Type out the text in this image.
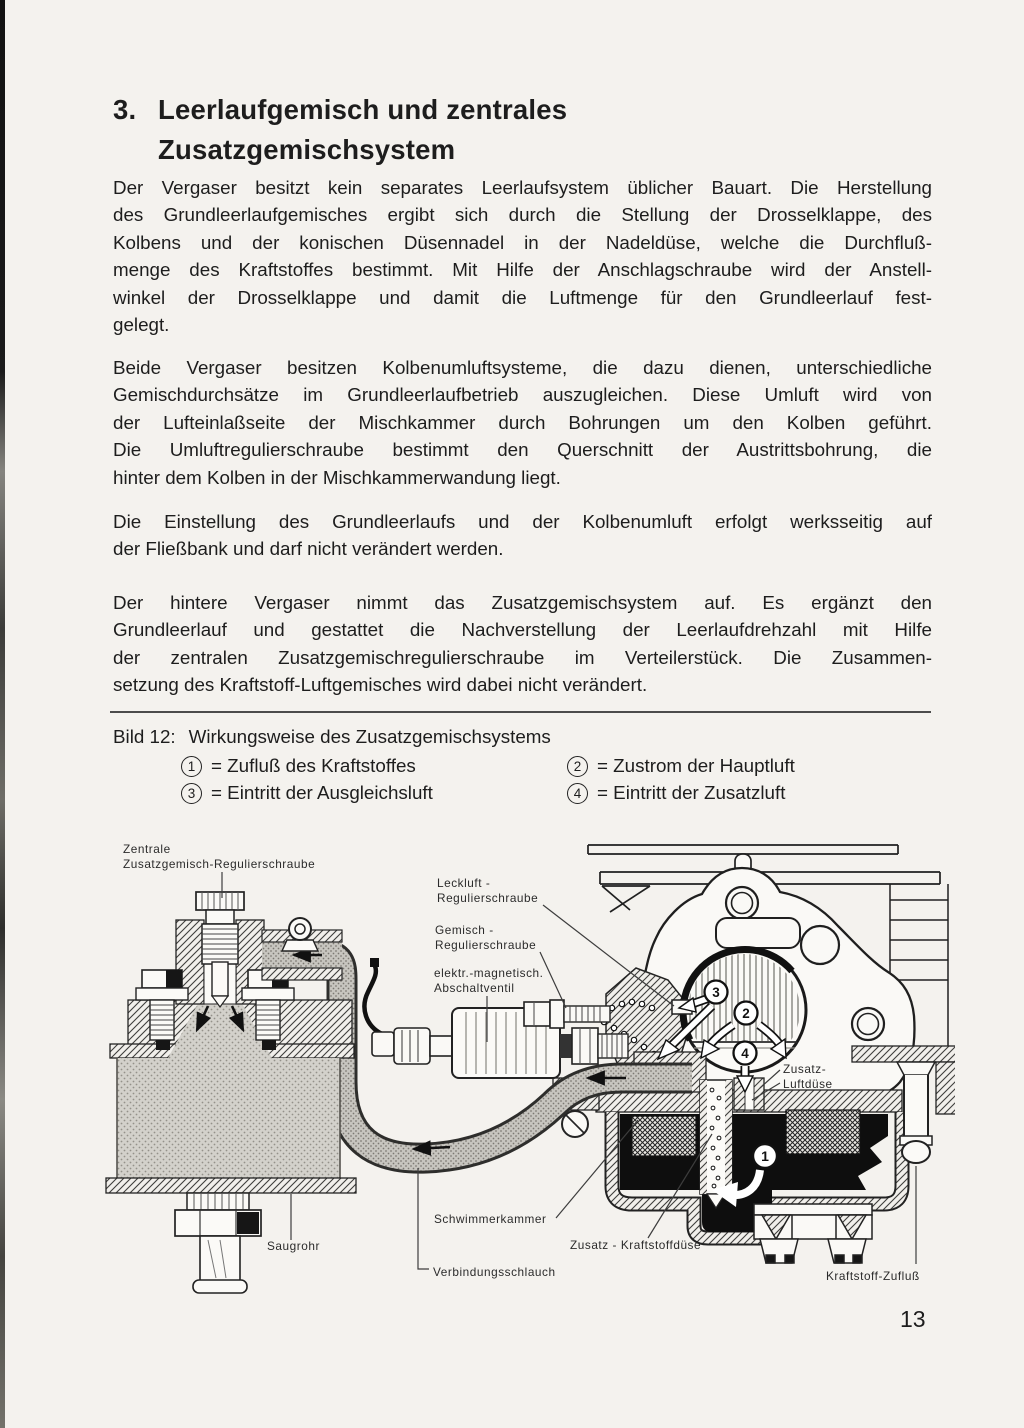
3. Leerlaufgemisch und zentrales
Zusatzgemischsystem
Der Vergaser besitzt kein separates Leerlaufsystem üblicher Bauart. Die Herstellung
des Grundleerlaufgemisches ergibt sich durch die Stellung der Drosselklappe, des
Kolbens und der konischen Düsennadel in der Nadeldüse, welche die Durchfluß-
menge des Kraftstoffes bestimmt. Mit Hilfe der Anschlagschraube wird der Anstell-
winkel der Drosselklappe und damit die Luftmenge für den Grundleerlauf fest-
gelegt.
Beide Vergaser besitzen Kolbenumluftsysteme, die dazu dienen, unterschiedliche
Gemischdurchsätze im Grundleerlaufbetrieb auszugleichen. Diese Umluft wird von
der Lufteinlaßseite der Mischkammer durch Bohrungen um den Kolben geführt.
Die Umluftregulierschraube bestimmt den Querschnitt der Austrittsbohrung, die
hinter dem Kolben in der Mischkammerwandung liegt.
Die Einstellung des Grundleerlaufs und der Kolbenumluft erfolgt werksseitig auf
der Fließbank und darf nicht verändert werden.
Der hintere Vergaser nimmt das Zusatzgemischsystem auf. Es ergänzt den
Grundleerlauf und gestattet die Nachverstellung der Leerlaufdrehzahl mit Hilfe
der zentralen Zusatzgemischregulierschraube im Verteilerstück. Die Zusammen-
setzung des Kraftstoff-Luftgemisches wird dabei nicht verändert.
Bild 12: Wirkungsweise des Zusatzgemischsystems
1 = Zufluß des Kraftstoffes	2 = Zustrom der Hauptluft
3 = Eintritt der Ausgleichsluft	4 = Eintritt der Zusatzluft
1
3
2
4
Zentrale
Zusatzgemisch-Regulierschraube
Leckluft -
Regulierschraube
Gemisch -
Regulierschraube
elektr.-magnetisch.
Abschaltventil
Zusatz-
Luftdüse
Schwimmerkammer
Saugrohr	Zusatz - Kraftstoffdüse
Verbindungsschlauch	Kraftstoff-Zufluß
13
